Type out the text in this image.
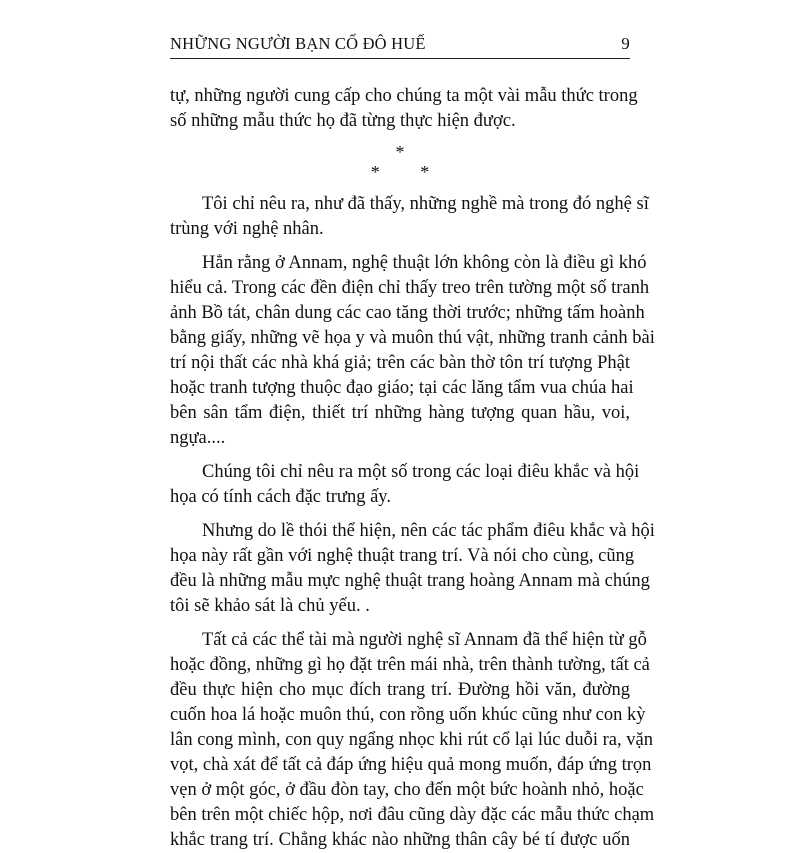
NHỮNG NGƯỜI BẠN CỐ ĐÔ HUẾ	9

tự, những người cung cấp cho chúng ta một vài mẫu thức trong
số những mẫu thức họ đã từng thực hiện được.

*
* *

Tôi chỉ nêu ra, như đã thấy, những nghề mà trong đó nghệ sĩ
trùng với nghệ nhân.

Hẳn rằng ở Annam, nghệ thuật lớn không còn là điều gì khó
hiểu cả. Trong các đền điện chỉ thấy treo trên tường một số tranh
ảnh Bồ tát, chân dung các cao tăng thời trước; những tấm hoành
bằng giấy, những vẽ họa y và muôn thú vật, những tranh cảnh bài
trí nội thất các nhà khá giả; trên các bàn thờ tôn trí tượng Phật
hoặc tranh tượng thuộc đạo giáo; tại các lăng tẩm vua chúa hai
bên sân tẩm điện, thiết trí những hàng tượng quan hầu, voi,
ngựa....

Chúng tôi chỉ nêu ra một số trong các loại điêu khắc và hội
họa có tính cách đặc trưng ấy.

Nhưng do lề thói thể hiện, nên các tác phẩm điêu khắc và hội
họa này rất gần với nghệ thuật trang trí. Và nói cho cùng, cũng
đều là những mẫu mực nghệ thuật trang hoàng Annam mà chúng
tôi sẽ khảo sát là chủ yếu. .

Tất cả các thể tài mà người nghệ sĩ Annam đã thể hiện từ gỗ
hoặc đồng, những gì họ đặt trên mái nhà, trên thành tường, tất cả
đều thực hiện cho mục đích trang trí. Đường hồi văn, đường
cuốn hoa lá hoặc muôn thú, con rồng uốn khúc cũng như con kỳ
lân cong mình, con quy ngẩng nhọc khi rút cổ lại lúc duỗi ra, vặn
vọt, chà xát để tất cả đáp ứng hiệu quả mong muốn, đáp ứng trọn
vẹn ở một góc, ở đầu đòn tay, cho đến một bức hoành nhỏ, hoặc
bên trên một chiếc hộp, nơi đâu cũng dày đặc các mẫu thức chạm
khắc trang trí. Chẳng khác nào những thân cây bé tí được uốn
